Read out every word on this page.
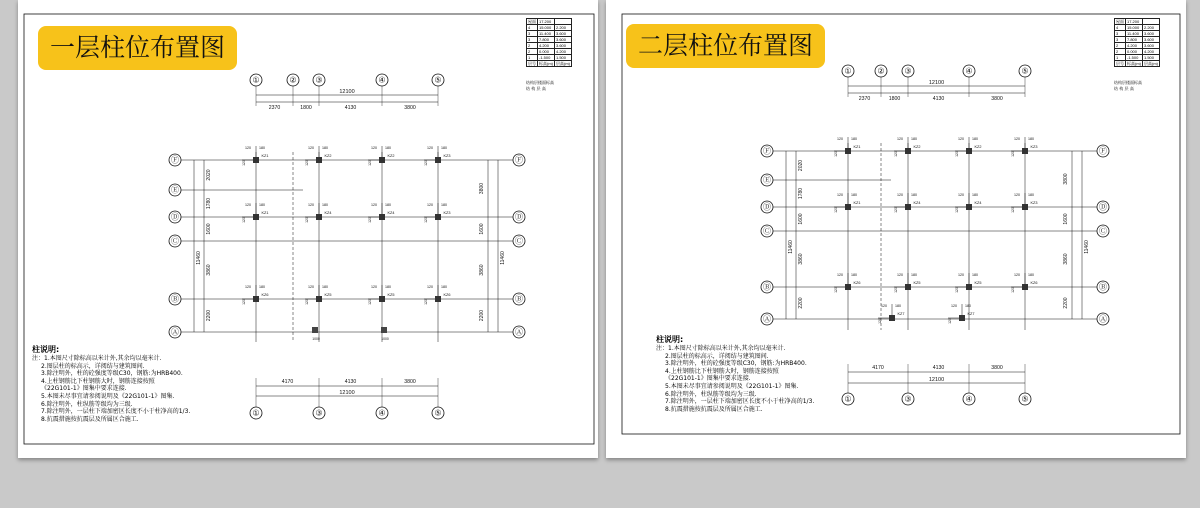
①	② ③	④	⑤
12100
2370	1800	4130	3800
Ⓕ	Ⓕ
Ⓔ
Ⓓ	Ⓓ
Ⓒ	Ⓒ
Ⓑ	Ⓑ
Ⓐ	Ⓐ
2020
1780
1600
3860
2200
11460
3800
1600
3860
2200
11460
4170	4130	3800
12100
①	③	④	⑤
120 180
120
KZ1
120 180
120
KZ2
120 180
120
KZ2
120 180
120
KZ3
120 180
120
KZ1
120 180
120
KZ4
120 180
120
KZ4
120 180
120
KZ3
120 180
120
KZ6
120 180
120
KZ5
120 180
120
KZ5
120 180
120
KZ6
1000	1000
一层柱位布置图
屋面	17.200	
4	15.000	2.200
3	11.400	3.600
3	7.800	3.600
2	4.200	3.600
2	0.000	4.200
1	-1.500	1.500
层号	标高(m)	层高(m)
结构层楼面标高
结 构 层 高
柱说明:
注：1.本图尺寸除标高以米计外,其余均以毫米计.
2.图层柱的标高示，详阅结与建筑图间.
3.除注明外，柱的砼强度等级C30，钢筋:为HRB400.
4.上柱钢筋比下柱钢筋大时，钢筋连接按照
《22G101-1》图集中要求连接.
5.本图未尽事宜请参阅说明及《22G101-1》图集.
6.除注明外，柱纵筋等级均为三级.
7.除注明外，一层柱下端加密区长度不小于柱净高的1/3.
8.抗震措施按抗震层及所属区合施工.
①	② ③	④	⑤
12100
2370	1800	4130	3800
Ⓕ	Ⓕ
Ⓔ
Ⓓ	Ⓓ
Ⓒ	Ⓒ
Ⓑ	Ⓑ
Ⓐ	Ⓐ
2020
1780
1600
3860
2200
11460
3800
1600
3860
2200
11460
4170	4130	3800
12100
①	③	④	⑤
120 180
120
KZ1
120 180
120
KZ2
120 180
120
KZ2
120 180
120
KZ3
120 180
120
KZ1
120 180
120
KZ4
120 180
120
KZ4
120 180
120
KZ3
120 180
120
KZ6
120 180
120
KZ5
120 180
120
KZ5
120 180
120
KZ6
120 180
120
KZ7
120 180
120
KZ7
二层柱位布置图
屋面	17.200	
4	15.000	2.200
3	11.400	3.600
3	7.800	3.600
2	4.200	3.600
2	0.000	4.200
1	-1.500	1.500
层号	标高(m)	层高(m)
结构层楼面标高
结 构 层 高
柱说明:
注：1.本图尺寸除标高以米计外,其余均以毫米计.
2.图层柱的标高示，详阅结与建筑图间.
3.除注明外，柱的砼强度等级C30，钢筋:为HRB400.
4.上柱钢筋比下柱钢筋大时，钢筋连接按照
《22G101-1》图集中要求连接.
5.本图未尽事宜请参阅说明及《22G101-1》图集.
6.除注明外，柱纵筋等级均为三级.
7.除注明外，一层柱下端加密区长度不小于柱净高的1/3.
8.抗震措施按抗震层及所属区合施工.
